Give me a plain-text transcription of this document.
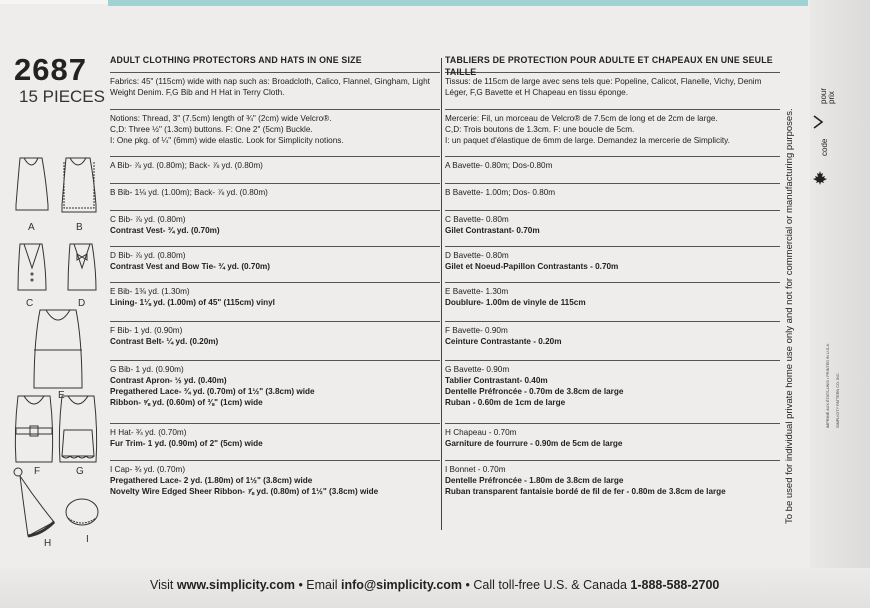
2687
15 PIECES
A	B
C	D
E
F	G
H	I
ADULT CLOTHING PROTECTORS AND HATS IN ONE SIZE

Fabrics: 45" (115cm) wide with nap such as: Broadcloth, Calico, Flannel, Gingham, Light Weight Denim. F,G Bib and H Hat in Terry Cloth.

Notions: Thread, 3" (7.5cm) length of ¾" (2cm) wide Velcro®.

C,D: Three ½" (1.3cm) buttons. F: One 2" (5cm) Buckle.

I: One pkg. of ¼" (6mm) wide elastic. Look for Simplicity notions.

A Bib- ⅞ yd. (0.80m); Back- ⅞ yd. (0.80m)

B Bib- 1⅛ yd. (1.00m); Back- ⅞ yd. (0.80m)

C Bib- ⅞ yd. (0.80m)

Contrast Vest- ¾ yd. (0.70m)

D Bib- ⅞ yd. (0.80m)

Contrast Vest and Bow Tie- ¾ yd. (0.70m)

E Bib- 1⅜ yd. (1.30m)

Lining- 1⅛ yd. (1.00m) of 45" (115cm) vinyl

F Bib- 1 yd. (0.90m)

Contrast Belt- ¼ yd. (0.20m)

G Bib- 1 yd. (0.90m)

Contrast Apron- ½ yd. (0.40m)

Pregathered Lace- ¾ yd. (0.70m) of 1½" (3.8cm) wide

Ribbon- ⅝ yd. (0.60m) of ⅜" (1cm) wide

H Hat- ¾ yd. (0.70m)

Fur Trim- 1 yd. (0.90m) of 2" (5cm) wide

I Cap- ¾ yd. (0.70m)

Pregathered Lace- 2 yd. (1.80m) of 1½" (3.8cm) wide

Novelty Wire Edged Sheer Ribbon- ⅞ yd. (0.80m) of 1½" (3.8cm) wide

TABLIERS DE PROTECTION POUR ADULTE ET CHAPEAUX EN UNE SEULE TAILLE

Tissus: de 115cm de large avec sens tels que: Popeline, Calicot, Flanelle, Vichy, Denim Léger, F,G Bavette et H Chapeau en tissu éponge.

Mercerie: Fil, un morceau de Velcro® de 7.5cm de long et de 2cm de large.

C,D: Trois boutons de 1.3cm. F: une boucle de 5cm.

I: un paquet d'élastique de 6mm de large. Demandez la mercerie de Simplicity.

A Bavette- 0.80m; Dos-0.80m

B Bavette- 1.00m; Dos- 0.80m

C Bavette- 0.80m

Gilet Contrastant- 0.70m

D Bavette- 0.80m

Gilet et Noeud-Papillon Contrastants - 0.70m

E Bavette- 1.30m

Doublure- 1.00m de vinyle de 115cm

F Bavette- 0.90m

Ceinture Contrastante - 0.20m

G Bavette- 0.90m

Tablier Contrastant- 0.40m

Dentelle Préfroncée - 0.70m de 3.8cm de large

Ruban - 0.60m de 1cm de large

H Chapeau - 0.70m

Garniture de fourrure - 0.90m de 5cm de large

I Bonnet - 0.70m

Dentelle Préfroncée - 1.80m de 3.8cm de large

Ruban transparent fantaisie bordé de fil de fer - 0.80m de 3.8cm de large

Visit www.simplicity.com • Email info@simplicity.com • Call toll-free U.S. & Canada 1-888-588-2700
To be used for individual private home use only and not for commercial or manufacturing purposes.	IMPRIMÉ AUX ÉTATS-UNIS • PRINTED IN U.S.A. SIMPLICITY PATTERN CO. INC.
pour prix
code
